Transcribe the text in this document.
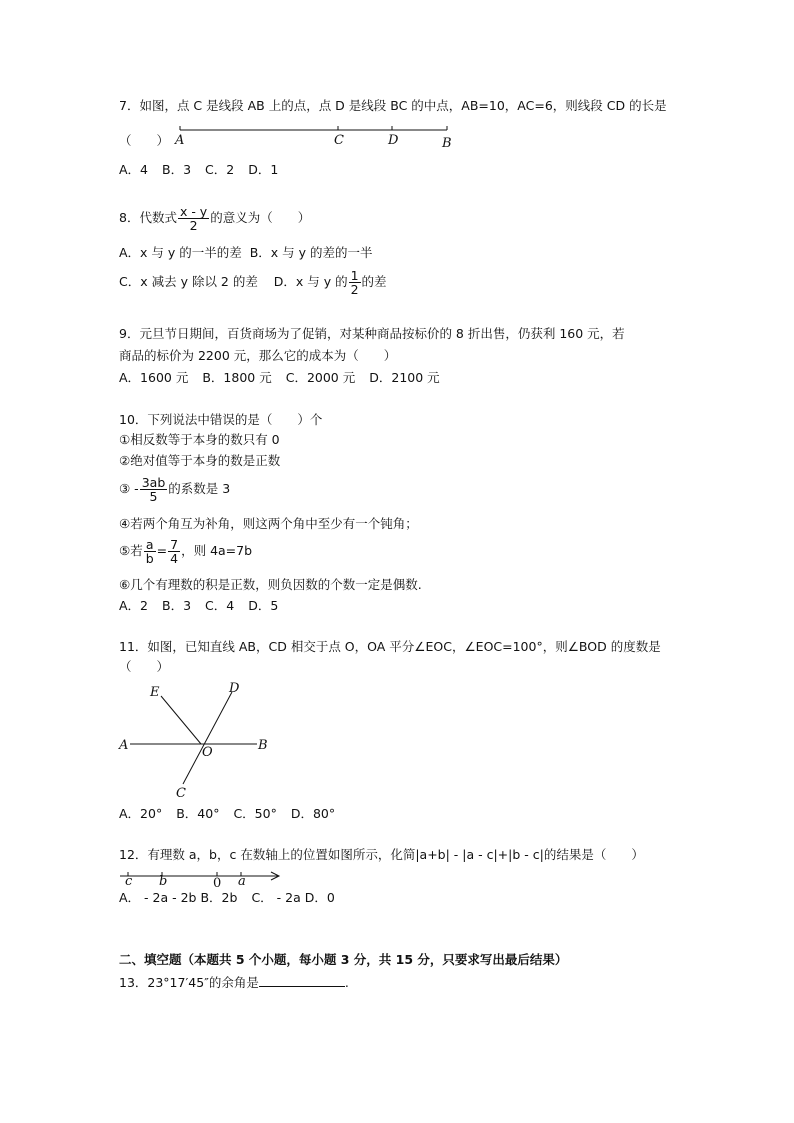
7．如图，点 C 是线段 AB 上的点，点 D 是线段 BC 的中点，AB=10，AC=6，则线段 CD 的长是
（　　） A	C	D	B
A．4 B．3 C．2 D．1
8．代数式 $\frac{x - y}{2}$ 的意义为（　　）
A．x 与 y 的一半的差 B．x 与 y 的差的一半
C．x 减去 y 除以 2 的差 D．x 与 y 的 $\frac{1}{2}$ 的差
9．元旦节日期间，百货商场为了促销，对某种商品按标价的 8 折出售，仍获利 160 元，若
商品的标价为 2200 元，那么它的成本为（　　）
A．1600 元 B．1800 元 C．2000 元 D．2100 元
10．下列说法中错误的是（　　）个
①相反数等于本身的数只有 0
②绝对值等于本身的数是正数
③ - $\frac{3ab}{5}$ 的系数是 3
④若两个角互为补角，则这两个角中至少有一个钝角；
⑤若 $\frac{a}{b} = \frac{7}{4}$ ，则 4a=7b
⑥几个有理数的积是正数，则负因数的个数一定是偶数.
A．2 B．3 C．4 D．5
11．如图，已知直线 AB，CD 相交于点 O，OA 平分∠EOC，∠EOC=100°，则∠BOD 的度数是
（　　）
E	D
A	O	B
C
A．20° B．40° C．50° D．80°
12．有理数 a，b，c 在数轴上的位置如图所示，化简|a+b| - |a - c|+|b - c|的结果是（　　）
c b	0 a
A． - 2a - 2b B．2b C． - 2a D．0
二、填空题（本题共 5 个小题，每小题 3 分，共 15 分，只要求写出最后结果）
13．23°17′45″的余角是	.
